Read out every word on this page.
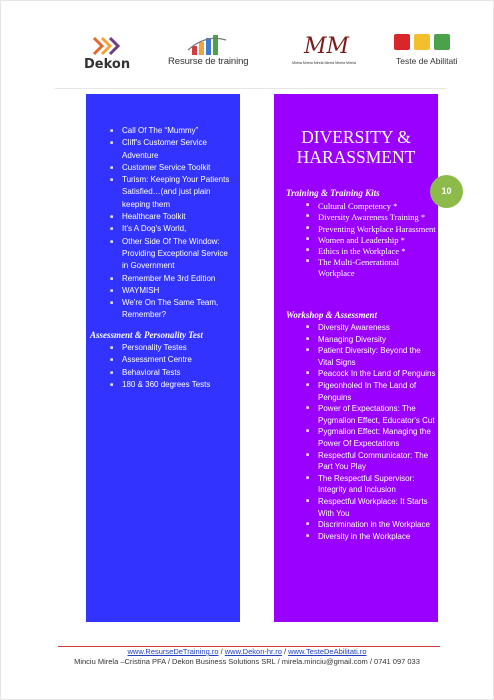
Dekon	Resurse de training
MM
Mirela Mirela Mirela Mirela Mirela Mirela	Teste de Abilitati
■ Call Of The “Mummy”
■ Cliff's Customer Service Adventure
■ Customer Service Toolkit
■ Turism: Keeping Your Patients Satisfied…(and just plain keeping them
■ Healthcare Toolkit
■ It's A Dog's World,
■ Other Side Of The Window: Providing Exceptional Service in Government
■ Remember Me 3rd Edition
■ WAYMISH
■ We're On The Same Team, Remember?
Assessment & Personality Test
■ Personality Testes
■ Assessment Centre
■ Behavioral Tests
■ 180 & 360 degrees Tests
DIVERSITY & HARASSMENT
Training & Training Kits
■ Cultural Competency *
■ Diversity Awareness Training *
■ Preventing Workplace Harassment
■ Women and Leadership *
■ Ethics in the Workplace *
■ The Multi-Generational Workplace
Workshop & Assessment
■ Diversity Awareness
■ Managing Diversity
■ Patient Diversity: Beyond the Vital Signs
■ Peacock In the Land of Penguins
■ Pigeonholed In The Land of Penguins
■ Power of Expectations: The Pygmalion Effect, Educator's Cut
■ Pygmalion Effect: Managing the Power Of Expectations
■ Respectful Communicator: The Part You Play
■ The Respectful Supervisor: Integrity and Inclusion
■ Respectful Workplace: It Starts With You
■ Discrimination in the Workplace
■ Diversity in the Workplace
10
www.ResurseDeTraining.ro / www.Dekon-hr.ro / www.TesteDeAbilitati.ro
Minciu Mirela –Cristina PFA / Dekon Business Solutions SRL / mirela.minciu@gmail.com / 0741 097 033
